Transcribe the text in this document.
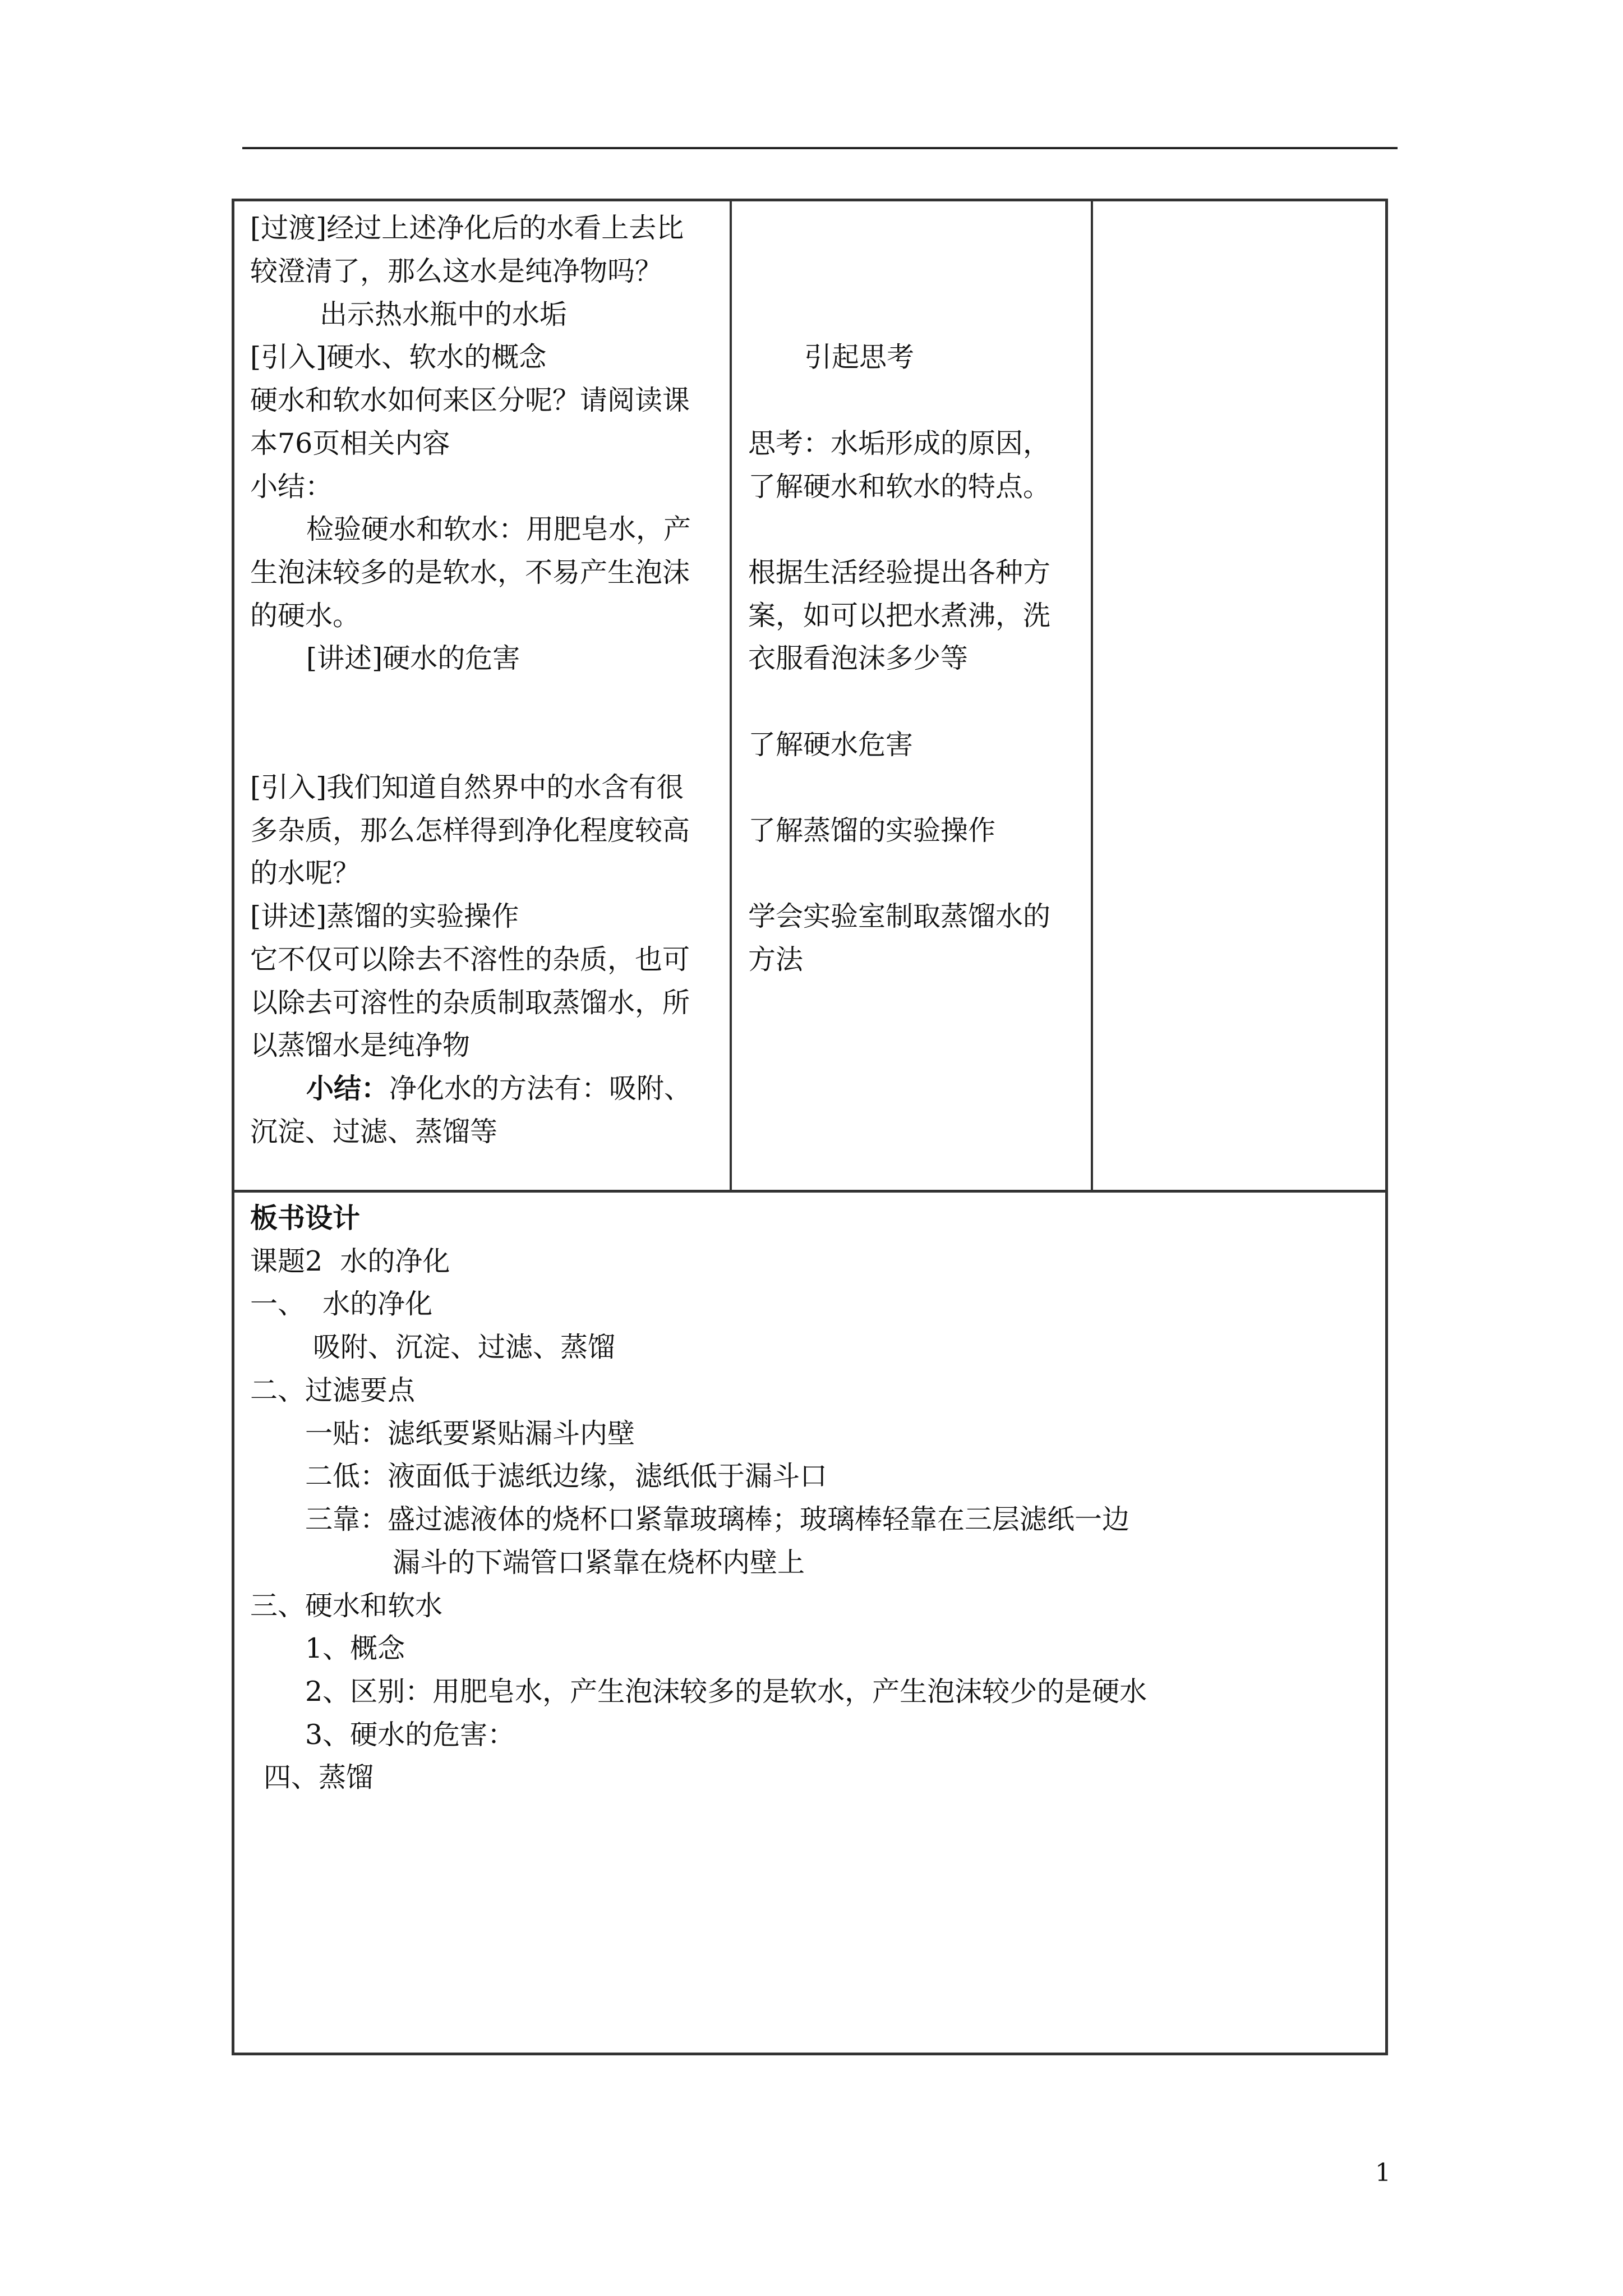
[过渡]经过上述净化后的水看上去比
较澄清了，那么这水是纯净物吗？
出示热水瓶中的水垢
[引入]硬水、软水的概念
硬水和软水如何来区分呢？请阅读课
本76页相关内容
小结：
检验硬水和软水：用肥皂水，产
生泡沫较多的是软水，不易产生泡沫
的硬水。
[讲述]硬水的危害
[引入]我们知道自然界中的水含有很
多杂质，那么怎样得到净化程度较高
的水呢？
[讲述]蒸馏的实验操作
它不仅可以除去不溶性的杂质，也可
以除去可溶性的杂质制取蒸馏水，所
以蒸馏水是纯净物
小结： 净化水的方法有：吸附、
沉淀、过滤、蒸馏等
引起思考
思考：水垢形成的原因，
了解硬水和软水的特点。
根据生活经验提出各种方
案，如可以把水煮沸，洗
衣服看泡沫多少等
了解硬水危害
了解蒸馏的实验操作
学会实验室制取蒸馏水的
方法
板书设计
课题2  水的净化
一、  水的净化
吸附、沉淀、过滤、蒸馏
二、过滤要点
一贴：滤纸要紧贴漏斗内壁
二低：液面低于滤纸边缘，滤纸低于漏斗口
三靠：盛过滤液体的烧杯口紧靠玻璃棒；玻璃棒轻靠在三层滤纸一边
漏斗的下端管口紧靠在烧杯内壁上
三、硬水和软水
1、概念
2、区别：用肥皂水，产生泡沫较多的是软水，产生泡沫较少的是硬水
3、硬水的危害：
四、蒸馏
1
